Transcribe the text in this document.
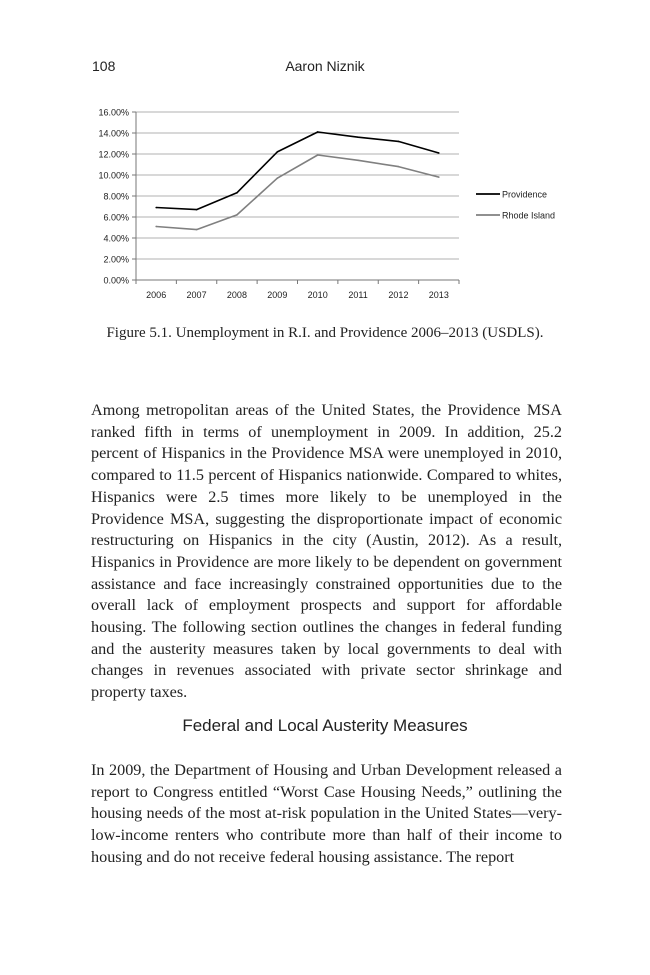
108	Aaron Niznik
0.00%
2.00%
4.00%
6.00%
8.00%
10.00%
12.00%
14.00%
16.00%
2006 2007 2008 2009 2010 2011 2012 2013
Providence
Rhode Island
Figure 5.1. Unemployment in R.I. and Providence 2006–2013 (USDLS).

Among metropolitan areas of the United States, the Providence MSA ranked fifth in terms of unemployment in 2009. In addition, 25.2 percent of Hispanics in the Providence MSA were unemployed in 2010, compared to 11.5 percent of Hispanics nationwide. Compared to whites, Hispanics were 2.5 times more likely to be unemployed in the Providence MSA, suggesting the disproportionate impact of economic restructuring on Hispanics in the city (Austin, 2012). As a result, Hispanics in Providence are more likely to be dependent on government assistance and face increasingly constrained opportunities due to the overall lack of employment prospects and support for affordable housing. The following section outlines the changes in federal funding and the austerity measures taken by local governments to deal with changes in revenues associated with private sector shrinkage and property taxes.

Federal and Local Austerity Measures

In 2009, the Department of Housing and Urban Development released a report to Congress entitled “Worst Case Housing Needs,” outlining the housing needs of the most at-risk population in the United States—very-low-income renters who contribute more than half of their income to housing and do not receive federal housing assistance. The report
